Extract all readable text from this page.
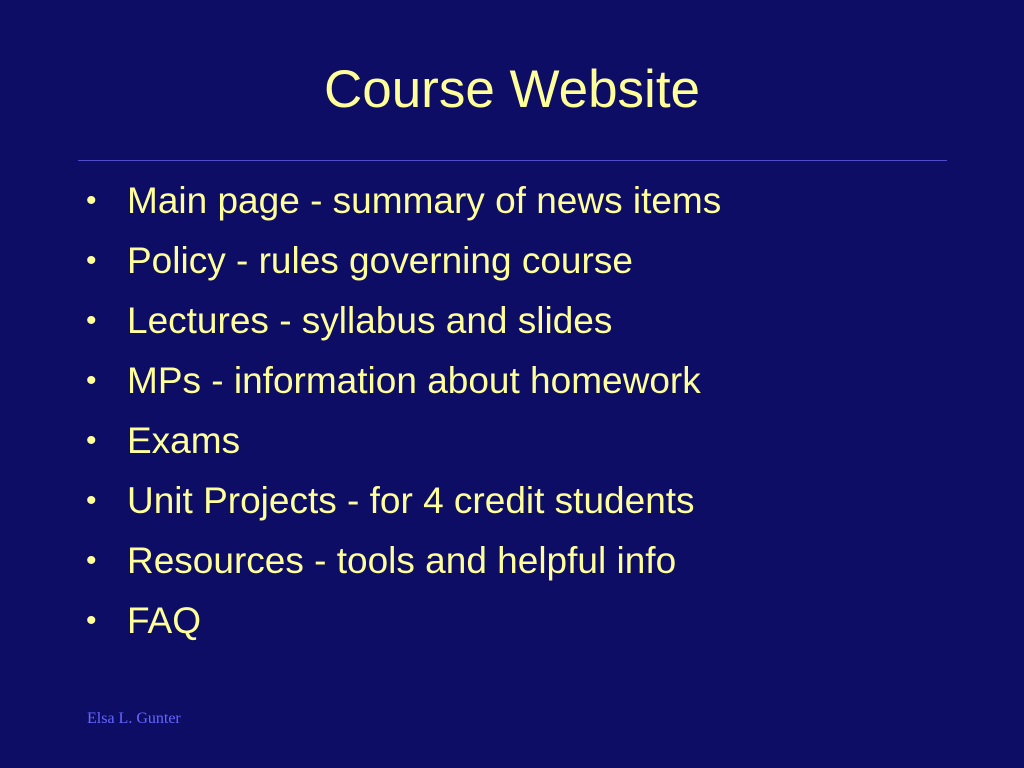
Course Website
• Main page - summary of news items
• Policy - rules governing course
• Lectures - syllabus and slides
• MPs - information about homework
• Exams
• Unit Projects - for 4 credit students
• Resources - tools and helpful info
• FAQ
Elsa L. Gunter
